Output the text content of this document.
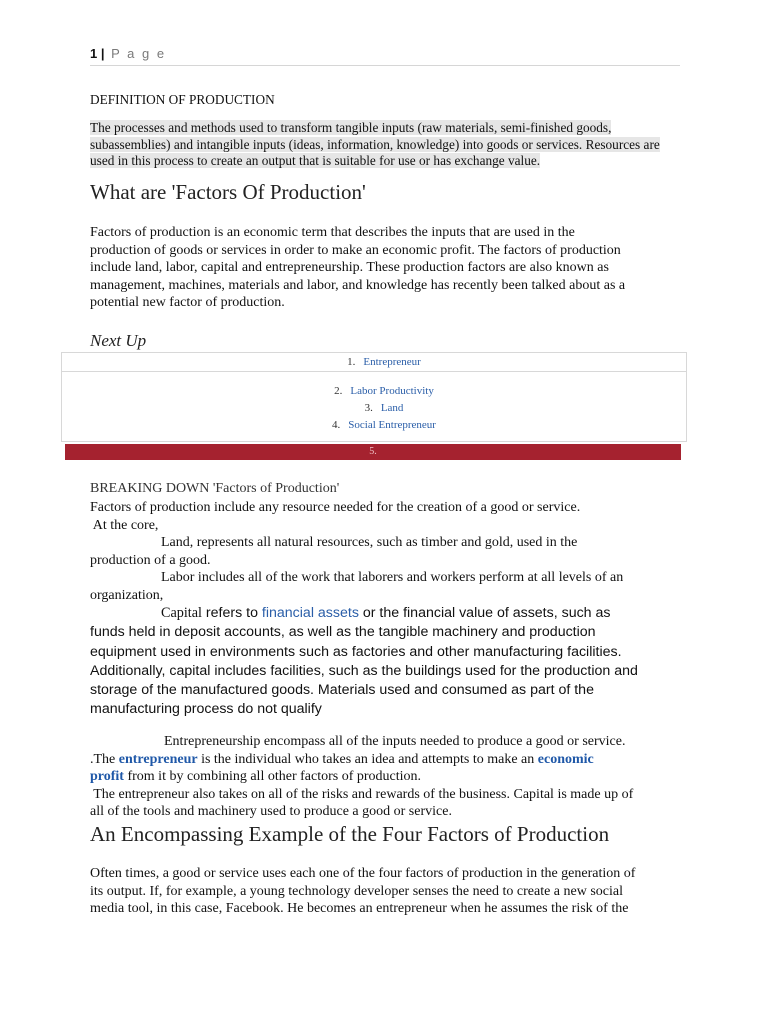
1 | P a g e
DEFINITION OF PRODUCTION
The processes and methods used to transform tangible inputs (raw materials, semi-finished goods,
subassemblies) and intangible inputs (ideas, information, knowledge) into goods or services. Resources are
used in this process to create an output that is suitable for use or has exchange value.
What are 'Factors Of Production'
Factors of production is an economic term that describes the inputs that are used in the
production of goods or services in order to make an economic profit. The factors of production
include land, labor, capital and entrepreneurship. These production factors are also known as
management, machines, materials and labor, and knowledge has recently been talked about as a
potential new factor of production.
Next Up
1. Entrepreneur
2. Labor Productivity
3. Land
4. Social Entrepreneur
5.
BREAKING DOWN 'Factors of Production'
Factors of production include any resource needed for the creation of a good or service.
At the core,
Land, represents all natural resources, such as timber and gold, used in the
production of a good.
Labor includes all of the work that laborers and workers perform at all levels of an
organization,
Capital refers to financial assets or the financial value of assets, such as
funds held in deposit accounts, as well as the tangible machinery and production
equipment used in environments such as factories and other manufacturing facilities.
Additionally, capital includes facilities, such as the buildings used for the production and
storage of the manufactured goods. Materials used and consumed as part of the
manufacturing process do not qualify
Entrepreneurship encompass all of the inputs needed to produce a good or service.
.The entrepreneur is the individual who takes an idea and attempts to make an economic
profit from it by combining all other factors of production.
The entrepreneur also takes on all of the risks and rewards of the business. Capital is made up of
all of the tools and machinery used to produce a good or service.
An Encompassing Example of the Four Factors of Production
Often times, a good or service uses each one of the four factors of production in the generation of
its output. If, for example, a young technology developer senses the need to create a new social
media tool, in this case, Facebook. He becomes an entrepreneur when he assumes the risk of the
